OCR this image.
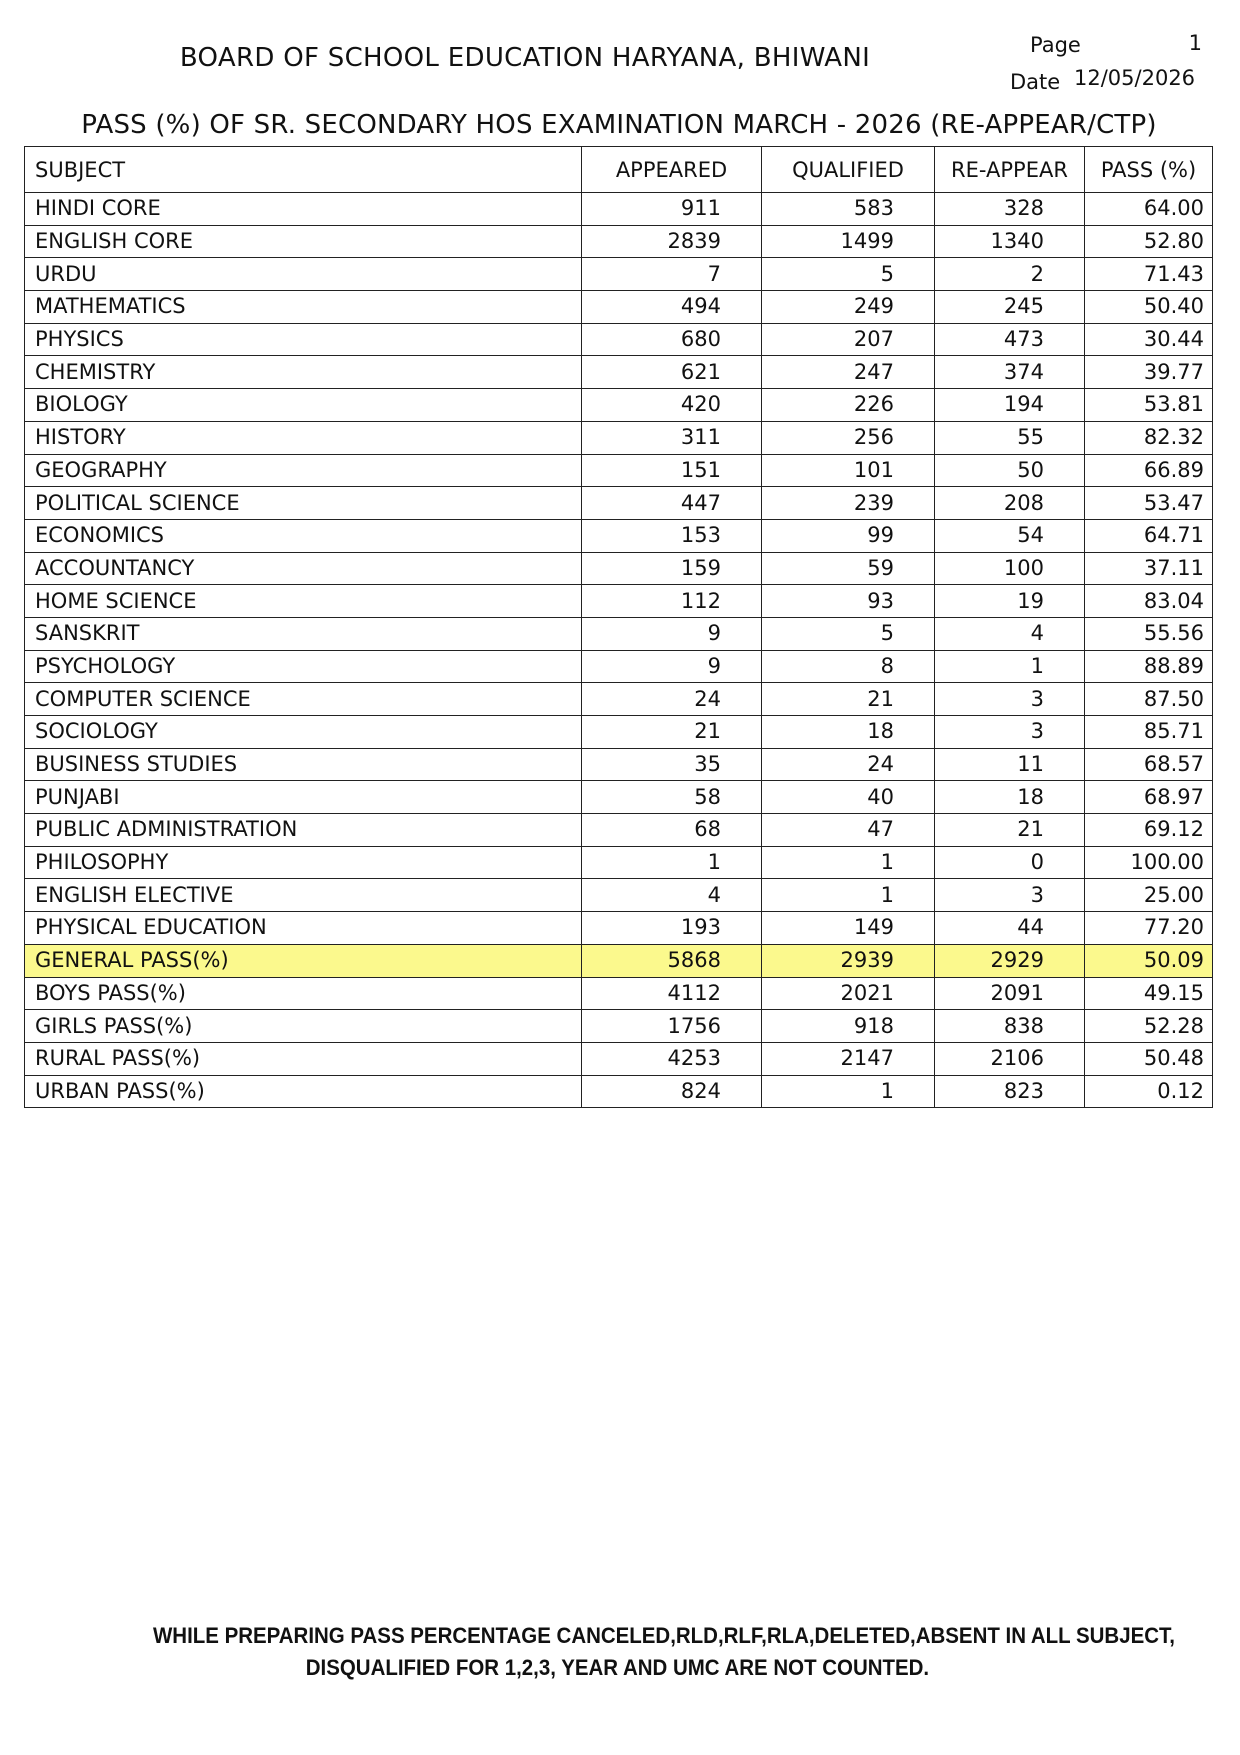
BOARD OF SCHOOL EDUCATION HARYANA, BHIWANI	Page	1
Date 12/05/2026
PASS (%) OF SR. SECONDARY HOS EXAMINATION MARCH - 2026 (RE-APPEAR/CTP)
SUBJECT	APPEARED	QUALIFIED	RE-APPEAR	PASS (%)
HINDI CORE	911	583	328	64.00
ENGLISH CORE	2839	1499	1340	52.80
URDU	7	5	2	71.43
MATHEMATICS	494	249	245	50.40
PHYSICS	680	207	473	30.44
CHEMISTRY	621	247	374	39.77
BIOLOGY	420	226	194	53.81
HISTORY	311	256	55	82.32
GEOGRAPHY	151	101	50	66.89
POLITICAL SCIENCE	447	239	208	53.47
ECONOMICS	153	99	54	64.71
ACCOUNTANCY	159	59	100	37.11
HOME SCIENCE	112	93	19	83.04
SANSKRIT	9	5	4	55.56
PSYCHOLOGY	9	8	1	88.89
COMPUTER SCIENCE	24	21	3	87.50
SOCIOLOGY	21	18	3	85.71
BUSINESS STUDIES	35	24	11	68.57
PUNJABI	58	40	18	68.97
PUBLIC ADMINISTRATION	68	47	21	69.12
PHILOSOPHY	1	1	0	100.00
ENGLISH ELECTIVE	4	1	3	25.00
PHYSICAL EDUCATION	193	149	44	77.20
GENERAL PASS(%)	5868	2939	2929	50.09
BOYS PASS(%)	4112	2021	2091	49.15
GIRLS PASS(%)	1756	918	838	52.28
RURAL PASS(%)	4253	2147	2106	50.48
URBAN PASS(%)	824	1	823	0.12
WHILE PREPARING PASS PERCENTAGE CANCELED,RLD,RLF,RLA,DELETED,ABSENT IN ALL SUBJECT,
DISQUALIFIED FOR 1,2,3, YEAR AND UMC ARE NOT COUNTED.
